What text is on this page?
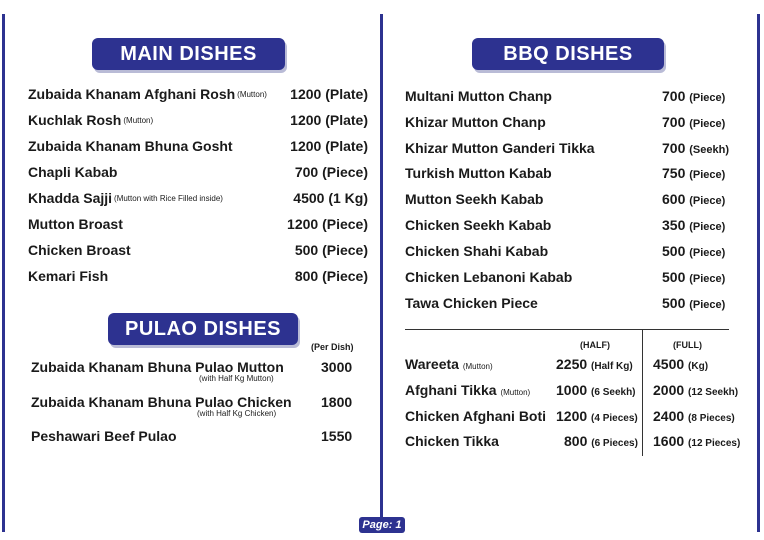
MAIN DISHES
Zubaida Khanam Afghani Rosh (Mutton) 1200 (Plate)
Kuchlak Rosh (Mutton)	1200 (Plate)
Zubaida Khanam Bhuna Gosht	1200 (Plate)
Chapli Kabab	700 (Piece)
Khadda Sajji (Mutton with Rice Filled inside)	4500 (1 Kg)
Mutton Broast	1200 (Piece)
Chicken Broast	500 (Piece)
Kemari Fish	800 (Piece)
PULAO DISHES
(Per Dish)
Zubaida Khanam Bhuna Pulao Mutton
(with Half Kg Mutton)
3000
Zubaida Khanam Bhuna Pulao Chicken
(with Half Kg Chicken)
1800
Peshawari Beef Pulao	1550
BBQ DISHES
Multani Mutton Chanp	700 (Piece)
Khizar Mutton Chanp	700 (Piece)
Khizar Mutton Ganderi Tikka	700 (Seekh)
Turkish Mutton Kabab	750 (Piece)
Mutton Seekh Kabab	600 (Piece)
Chicken Seekh Kabab	350 (Piece)
Chicken Shahi Kabab	500 (Piece)
Chicken Lebanoni Kabab	500 (Piece)
Tawa Chicken Piece	500 (Piece)
(HALF)	(FULL)
Wareeta (Mutton)	2250 (Half Kg) 4500 (Kg)
Afghani Tikka (Mutton) 1000 (6 Seekh) 2000 (12 Seekh)
Chicken Afghani Boti 1200 (4 Pieces) 2400 (8 Pieces)
Chicken Tikka	800 (6 Pieces) 1600 (12 Pieces)
Page: 1
